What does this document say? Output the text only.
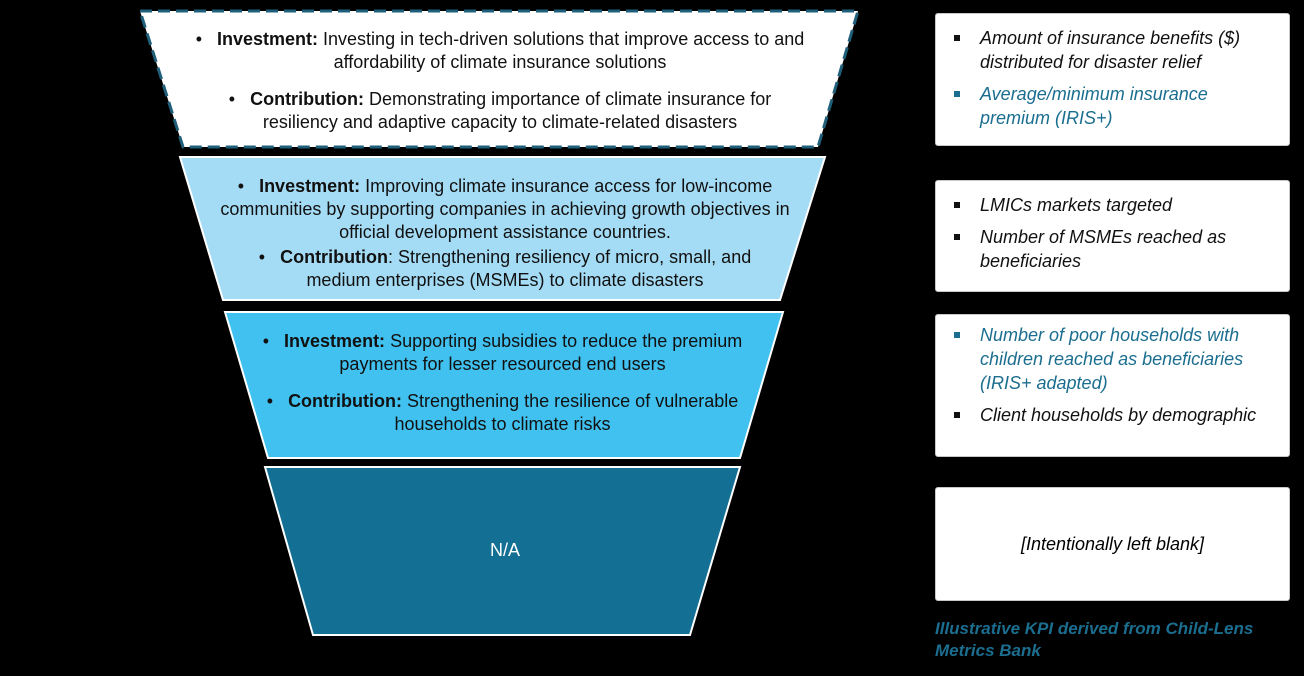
•   Investment: Investing in tech-driven solutions that improve access to and affordability of climate insurance solutions

•   Contribution: Demonstrating importance of climate insurance for resiliency and adaptive capacity to climate-related disasters

•   Investment: Improving climate insurance access for low-income communities by supporting companies in achieving growth objectives in official development assistance countries.

•   Contribution: Strengthening resiliency of micro, small, and medium enterprises (MSMEs) to climate disasters

•   Investment: Supporting subsidies to reduce the premium payments for lesser resourced end users

•   Contribution: Strengthening the resilience of vulnerable households to climate risks

N/A
Amount of insurance benefits ($) distributed for disaster relief
Average/minimum insurance premium (IRIS+)
LMICs markets targeted
Number of MSMEs reached as beneficiaries
Number of poor households with children reached as beneficiaries (IRIS+ adapted)
Client households by demographic
[Intentionally left blank]
Illustrative KPI derived from Child-Lens Metrics Bank
